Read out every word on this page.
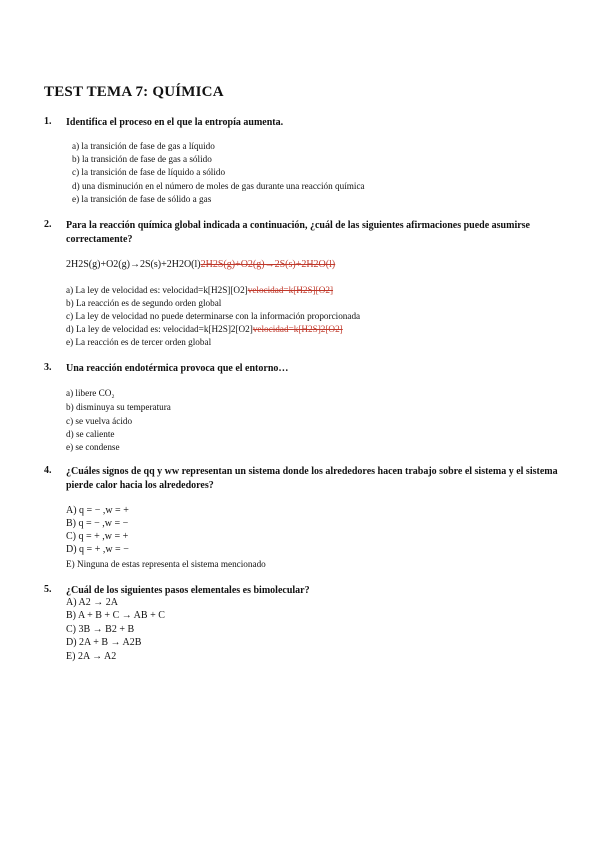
TEST TEMA 7: QUÍMICA
1.	Identifica el proceso en el que la entropía aumenta.
a) la transición de fase de gas a líquido
b) la transición de fase de gas a sólido
c) la transición de fase de líquido a sólido
d) una disminución en el número de moles de gas durante una reacción química
e) la transición de fase de sólido a gas
2.	Para la reacción química global indicada a continuación, ¿cuál de las siguientes afirmaciones puede asumirse correctamente?
2H2S(g)+O2(g)→2S(s)+2H2O(l)2H2S(g)+O2(g)→2S(s)+2H2O(l)
a) La ley de velocidad es: velocidad=k[H2S][O2]velocidad=k[H2S][O2]
b) La reacción es de segundo orden global
c) La ley de velocidad no puede determinarse con la información proporcionada
d) La ley de velocidad es: velocidad=k[H2S]2[O2]velocidad=k[H2S]2[O2]
e) La reacción es de tercer orden global
3.	Una reacción endotérmica provoca que el entorno…
a) libere CO₂
b) disminuya su temperatura
c) se vuelva ácido
d) se caliente
e) se condense
4.	¿Cuáles signos de qq y ww representan un sistema donde los alrededores hacen trabajo sobre el sistema y el sistema pierde calor hacia los alrededores?
A) q = − ,w = +
B) q = − ,w = −
C) q = + ,w = +
D) q = + ,w = −
E) Ninguna de estas representa el sistema mencionado
5.	¿Cuál de los siguientes pasos elementales es bimolecular?
A) A2 → 2A
B) A + B + C → AB + C
C) 3B → B2 + B
D) 2A + B → A2B
E) 2A → A2
